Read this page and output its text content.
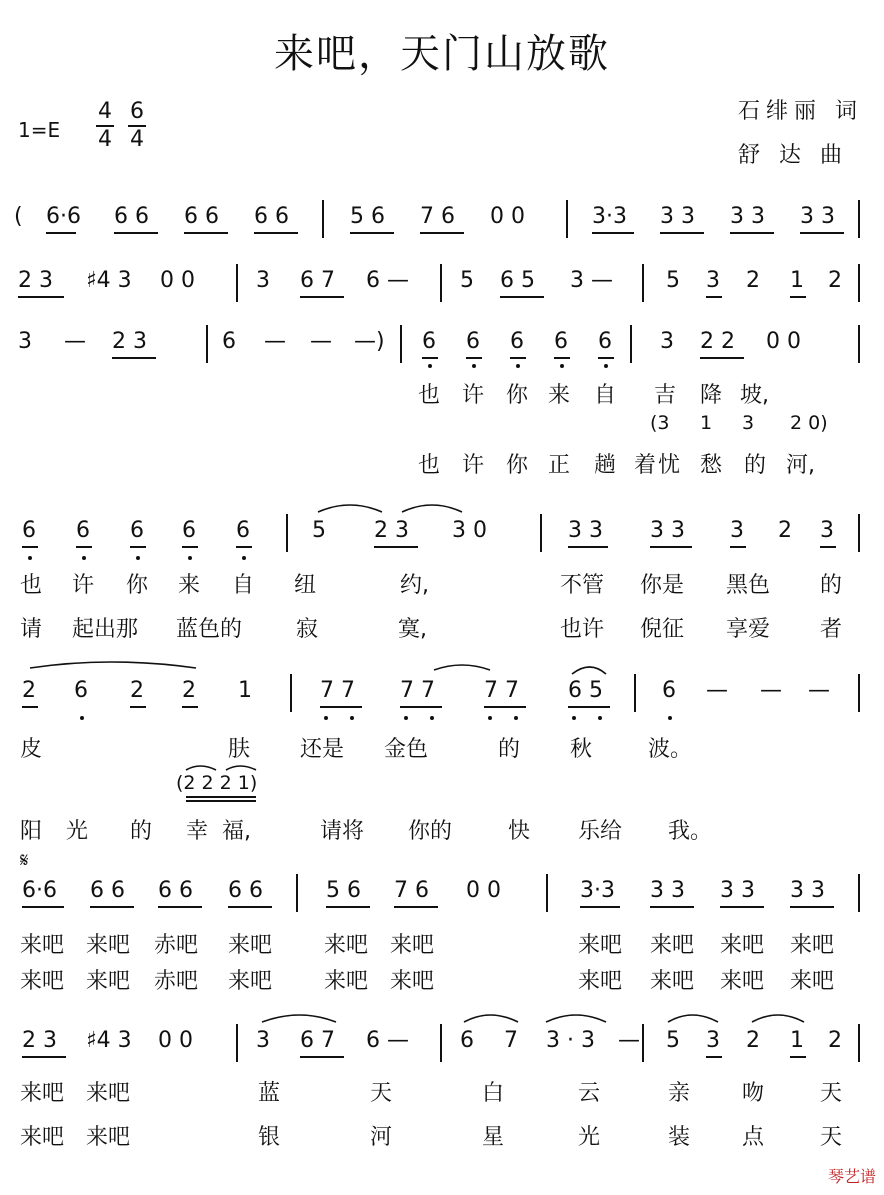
来吧，天门山放歌
1=E
4
4
6
4
石绯丽 词
舒 达 曲
𝄋
( 6·6 6 6 6 6 6 6	5 6 7 6 0 0	3·3 3 3 3 3 3 3
2 3 ♯4 3 0 0	3 6 7 6 — 5 6 5 3 — 5 3 2 1 2
3 — 2 3	6 — — —) 6 6 6 6 6 3 2 2 0 0
6 6 6 6 6	5 2 3 3 0	3 3 3 3 3 2 3
2 6 2 2 1	7 7 7 7 7 7 6 5	6 — — —
6·6 6 6 6 6 6 6	5 6 7 6 0 0	3·3 3 3 3 3 3 3
2 3 ♯4 3 0 0	3 6 7 6 — 6 7 3 · 3 — 5 3 2 1 2
也 许 你 来 自 吉 降 坡,
也 许 你 正 趟 着 忧 愁 的 河,
也 许 你 来 自 纽	约,	不管 你是 黑色 的
请 起出那 蓝色的 寂	寞,	也许 倪征 享爱 者
皮	肤 还是 金色	的 秋	波。
阳 光 的 幸 福,	请将 你的	快 乐给 我。
来吧 来吧 赤吧 来吧 来吧 来吧	来吧 来吧 来吧 来吧
来吧 来吧 赤吧 来吧 来吧 来吧	来吧 来吧 来吧 来吧
来吧 来吧	蓝	天	白	云	亲 吻	天
来吧 来吧	银	河	星	光	装 点	天
(3 1 3 2 0)
(2 2 2 1)
琴艺谱
